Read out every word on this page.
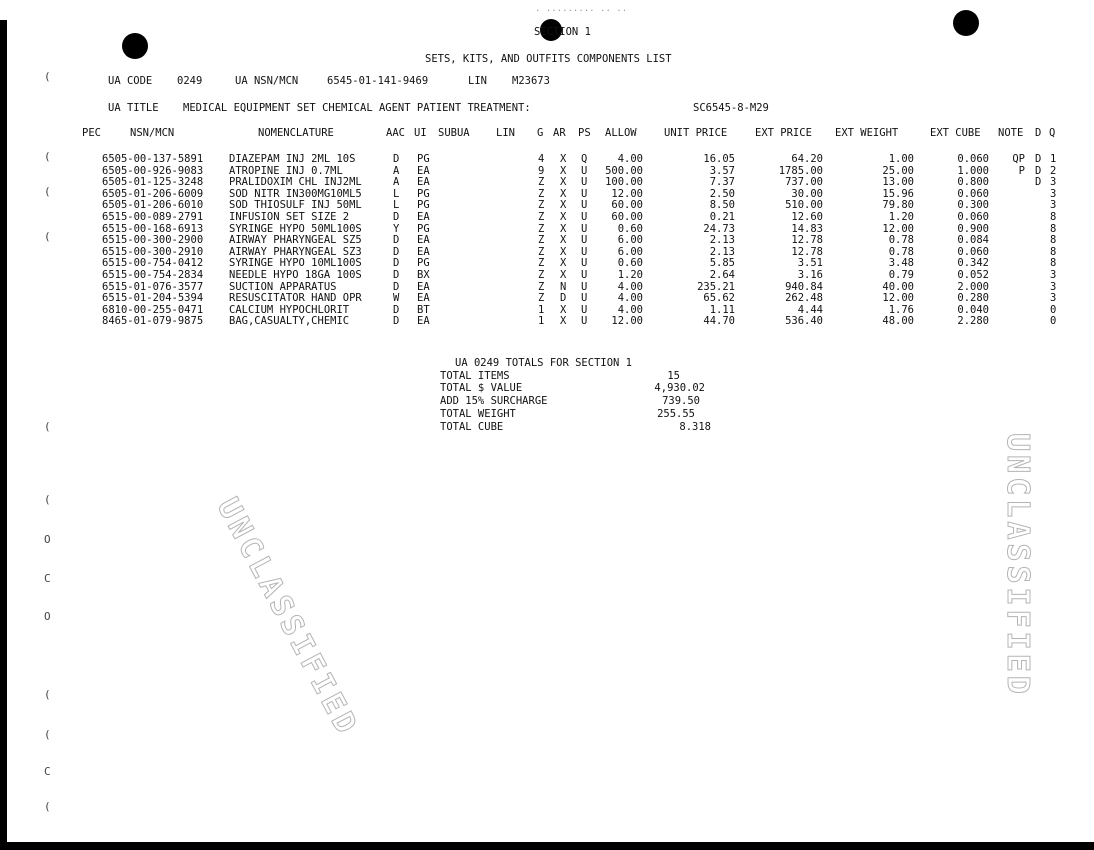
(
(
(
(
(
(
O
C
O
(
(
C
(
. ......... .. ..
SECTION 1
SETS, KITS, AND OUTFITS COMPONENTS LIST
UA CODE 0249	UA NSN/MCN	6545-01-141-9469	LIN M23673
UA TITLE MEDICAL EQUIPMENT SET CHEMICAL AGENT PATIENT TREATMENT:	SC6545-8-M29
PEC	NSN/MCN	NOMENCLATURE	AAC UI SUBUA	LIN G AR PS ALLOW	UNIT PRICE	EXT PRICE EXT WEIGHT	EXT CUBE NOTE D Q
6505-00-137-5891 DIAZEPAM INJ 2ML 10S	D PG	4 X Q	4.00	16.05	64.20	1.00	0.060	QP D 1
6505-00-926-9083 ATROPINE INJ 0.7ML	A EA	9 X U	500.00	3.57	1785.00	25.00	1.000	P D 2
6505-01-125-3248 PRALIDOXIM CHL INJ2ML	A EA	Z X U	100.00	7.37	737.00	13.00	0.800	D 3
6505-01-206-6009 SOD NITR IN300MG10ML5	L PG	Z X U	12.00	2.50	30.00	15.96	0.060	3
6505-01-206-6010 SOD THIOSULF INJ 50ML	L PG	Z X U	60.00	8.50	510.00	79.80	0.300	3
6515-00-089-2791 INFUSION SET SIZE 2	D EA	Z X U	60.00	0.21	12.60	1.20	0.060	8
6515-00-168-6913 SYRINGE HYPO 50ML100S	Y PG	Z X U	0.60	24.73	14.83	12.00	0.900	8
6515-00-300-2900 AIRWAY PHARYNGEAL SZ5	D EA	Z X U	6.00	2.13	12.78	0.78	0.084	8
6515-00-300-2910 AIRWAY PHARYNGEAL SZ3	D EA	Z X U	6.00	2.13	12.78	0.78	0.060	8
6515-00-754-0412 SYRINGE HYPO 10ML100S	D PG	Z X U	0.60	5.85	3.51	3.48	0.342	8
6515-00-754-2834 NEEDLE HYPO 18GA 100S	D BX	Z X U	1.20	2.64	3.16	0.79	0.052	3
6515-01-076-3577 SUCTION APPARATUS	D EA	Z N U	4.00	235.21	940.84	40.00	2.000	3
6515-01-204-5394 RESUSCITATOR HAND OPR	W EA	Z D U	4.00	65.62	262.48	12.00	0.280	3
6810-00-255-0471 CALCIUM HYPOCHLORIT	D BT	1 X U	4.00	1.11	4.44	1.76	0.040	0
8465-01-079-9875 BAG,CASUALTY,CHEMIC	D EA	1 X U	12.00	44.70	536.40	48.00	2.280	0
UA 0249 TOTALS FOR SECTION 1
TOTAL ITEMS	15
TOTAL $ VALUE	4,930.02
ADD 15% SURCHARGE	739.50
TOTAL WEIGHT	255.55
TOTAL CUBE	8.318
UNCLASSIFIED	UNCLASSIFIED
